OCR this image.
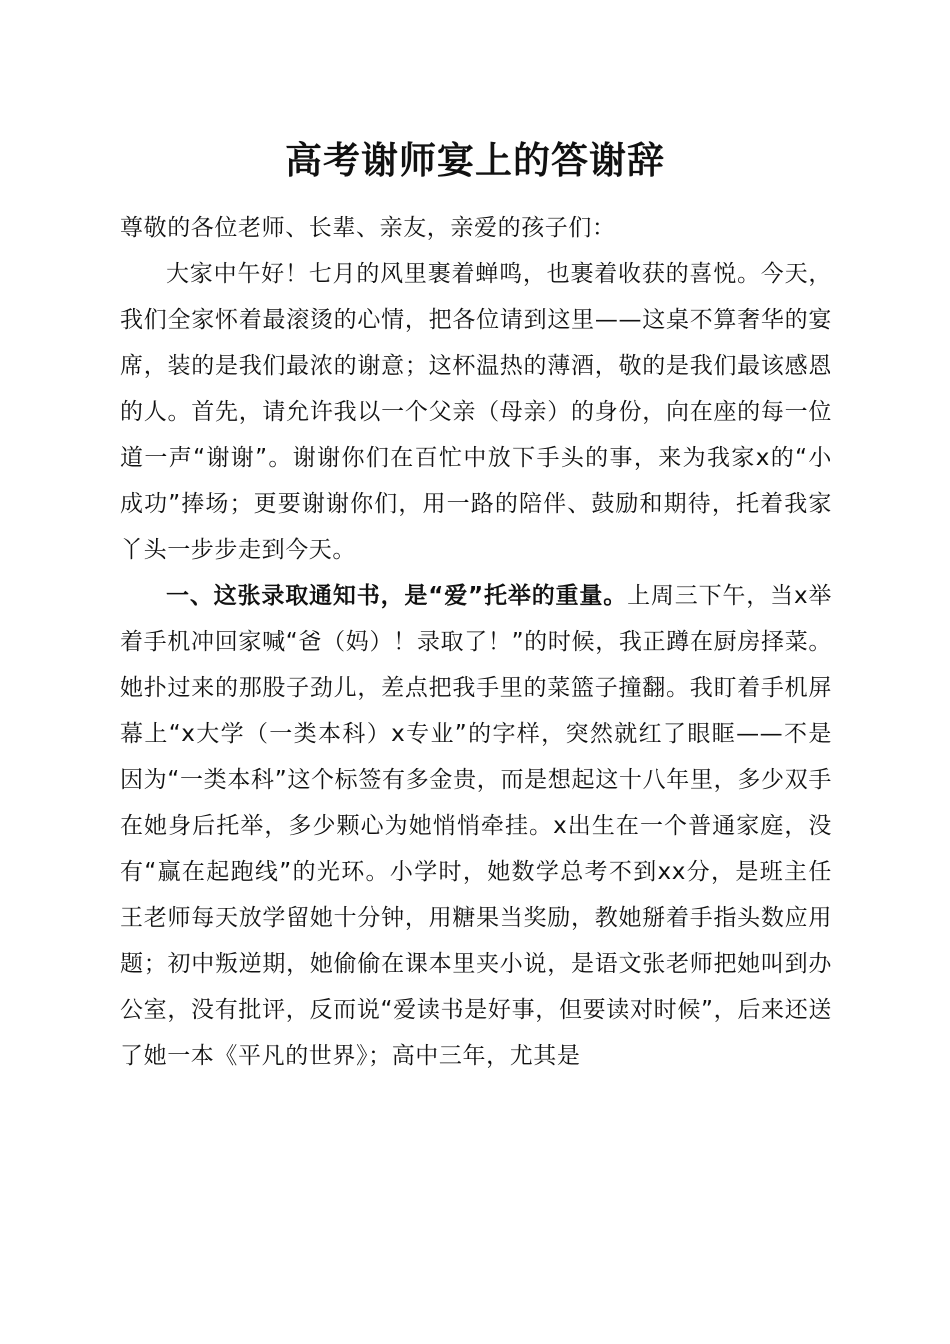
高考谢师宴上的答谢辞

尊敬的各位老师、长辈、亲友，亲爱的孩子们：

大家中午好！七月的风里裹着蝉鸣，也裹着收获的喜悦。今天，我们全家怀着最滚烫的心情，把各位请到这里——这桌不算奢华的宴席，装的是我们最浓的谢意；这杯温热的薄酒，敬的是我们最该感恩的人。首先，请允许我以一个父亲（母亲）的身份，向在座的每一位道一声“谢谢”。谢谢你们在百忙中放下手头的事，来为我家x的“小成功”捧场；更要谢谢你们，用一路的陪伴、鼓励和期待，托着我家丫头一步步走到今天。

一、这张录取通知书，是“爱”托举的重量。上周三下午，当x举着手机冲回家喊“爸（妈）！录取了！”的时候，我正蹲在厨房择菜。她扑过来的那股子劲儿，差点把我手里的菜篮子撞翻。我盯着手机屏幕上“x大学（一类本科）x专业”的字样，突然就红了眼眶——不是因为“一类本科”这个标签有多金贵，而是想起这十八年里，多少双手在她身后托举，多少颗心为她悄悄牵挂。x出生在一个普通家庭，没有“赢在起跑线”的光环。小学时，她数学总考不到xx分，是班主任王老师每天放学留她十分钟，用糖果当奖励，教她掰着手指头数应用题；初中叛逆期，她偷偷在课本里夹小说，是语文张老师把她叫到办公室，没有批评，反而说“爱读书是好事，但要读对时候”，后来还送了她一本《平凡的世界》；高中三年，尤其是
